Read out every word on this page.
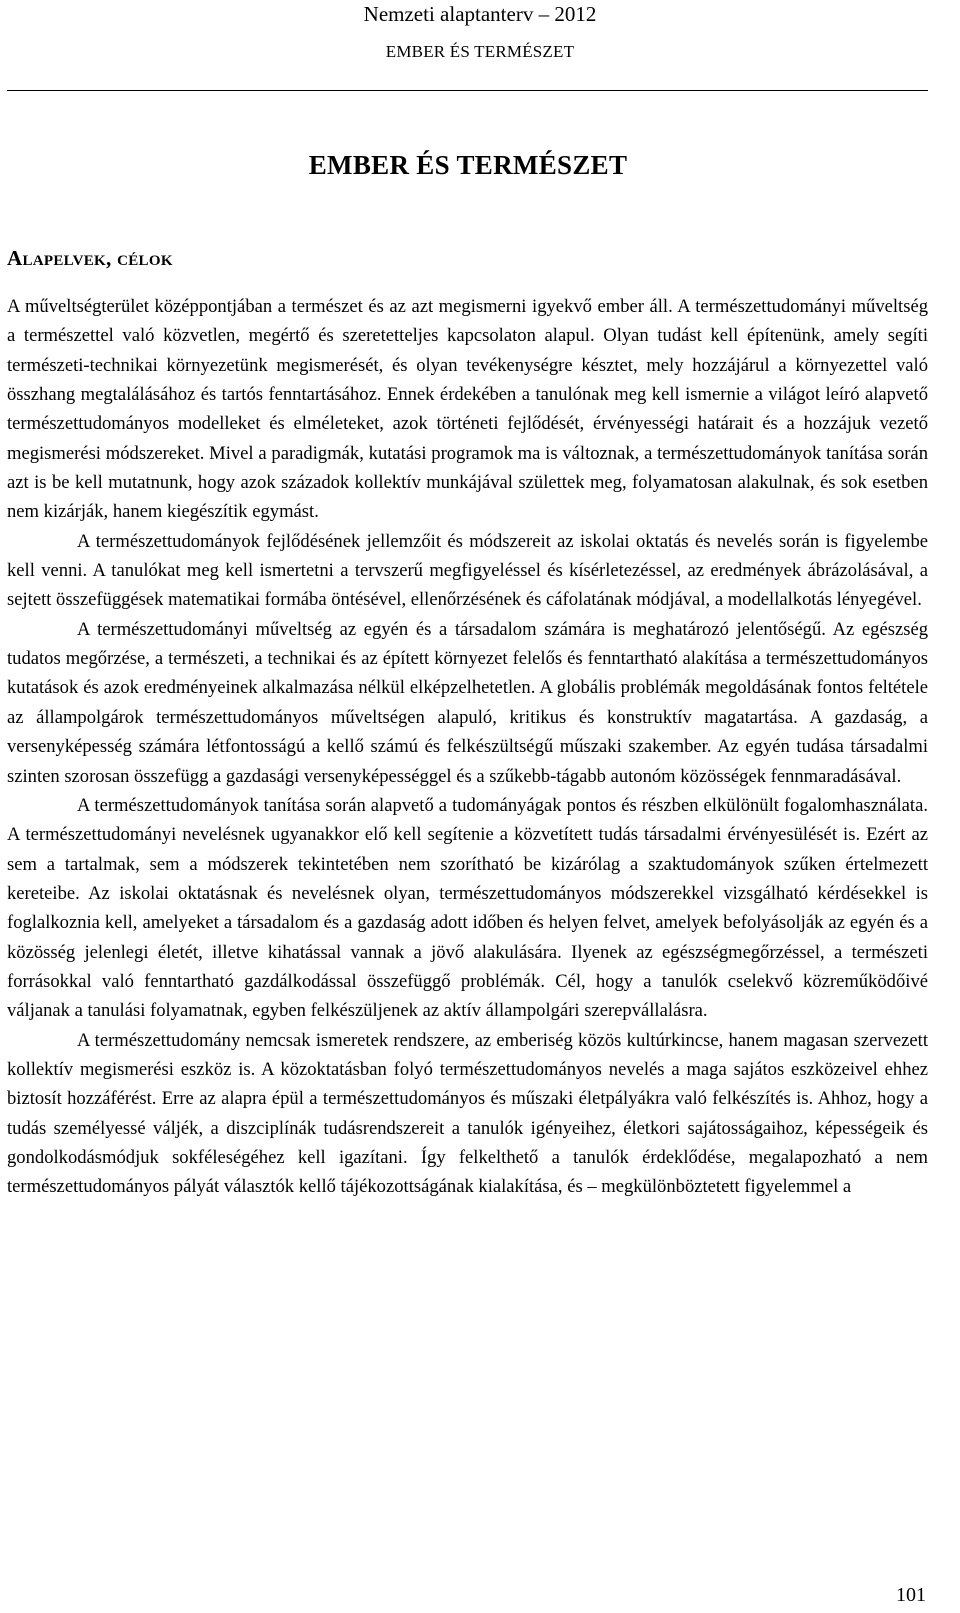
Nemzeti alaptanterv – 2012
EMBER ÉS TERMÉSZET
EMBER ÉS TERMÉSZET
Alapelvek, célok

A műveltségterület középpontjában a természet és az azt megismerni igyekvő ember áll. A természettudományi műveltség a természettel való közvetlen, megértő és szeretetteljes kapcsolaton alapul. Olyan tudást kell építenünk, amely segíti természeti-technikai környezetünk megismerését, és olyan tevékenységre késztet, mely hozzájárul a környezettel való összhang megtalálásához és tartós fenntartásához. Ennek érdekében a tanulónak meg kell ismernie a világot leíró alapvető természettudományos modelleket és elméleteket, azok történeti fejlődését, érvényességi határait és a hozzájuk vezető megismerési módszereket. Mivel a paradigmák, kutatási programok ma is változnak, a természettudományok tanítása során azt is be kell mutatnunk, hogy azok századok kollektív munkájával születtek meg, folyamatosan alakulnak, és sok esetben nem kizárják, hanem kiegészítik egymást.

A természettudományok fejlődésének jellemzőit és módszereit az iskolai oktatás és nevelés során is figyelembe kell venni. A tanulókat meg kell ismertetni a tervszerű megfigyeléssel és kísérletezéssel, az eredmények ábrázolásával, a sejtett összefüggések matematikai formába öntésével, ellenőrzésének és cáfolatának módjával, a modellalkotás lényegével.

A természettudományi műveltség az egyén és a társadalom számára is meghatározó jelentőségű. Az egészség tudatos megőrzése, a természeti, a technikai és az épített környezet felelős és fenntartható alakítása a természettudományos kutatások és azok eredményeinek alkalmazása nélkül elképzelhetetlen. A globális problémák megoldásának fontos feltétele az állampolgárok természettudományos műveltségen alapuló, kritikus és konstruktív magatartása. A gazdaság, a versenyképesség számára létfontosságú a kellő számú és felkészültségű műszaki szakember. Az egyén tudása társadalmi szinten szorosan összefügg a gazdasági versenyképességgel és a szűkebb-tágabb autonóm közösségek fennmaradásával.

A természettudományok tanítása során alapvető a tudományágak pontos és részben elkülönült fogalomhasználata. A természettudományi nevelésnek ugyanakkor elő kell segítenie a közvetített tudás társadalmi érvényesülését is. Ezért az sem a tartalmak, sem a módszerek tekintetében nem szorítható be kizárólag a szaktudományok szűken értelmezett kereteibe. Az iskolai oktatásnak és nevelésnek olyan, természettudományos módszerekkel vizsgálható kérdésekkel is foglalkoznia kell, amelyeket a társadalom és a gazdaság adott időben és helyen felvet, amelyek befolyásolják az egyén és a közösség jelenlegi életét, illetve kihatással vannak a jövő alakulására. Ilyenek az egészségmegőrzéssel, a természeti forrásokkal való fenntartható gazdálkodással összefüggő problémák. Cél, hogy a tanulók cselekvő közreműködőivé váljanak a tanulási folyamatnak, egyben felkészüljenek az aktív állampolgári szerepvállalásra.

A természettudomány nemcsak ismeretek rendszere, az emberiség közös kultúrkincse, hanem magasan szervezett kollektív megismerési eszköz is. A közoktatásban folyó természettudományos nevelés a maga sajátos eszközeivel ehhez biztosít hozzáférést. Erre az alapra épül a természettudományos és műszaki életpályákra való felkészítés is. Ahhoz, hogy a tudás személyessé váljék, a diszciplínák tudásrendszereit a tanulók igényeihez, életkori sajátosságaihoz, képességeik és gondolkodásmódjuk sokféleségéhez kell igazítani. Így felkelthető a tanulók érdeklődése, megalapozható a nem természettudományos pályát választók kellő tájékozottságának kialakítása, és – megkülönböztetett figyelemmel a

101
